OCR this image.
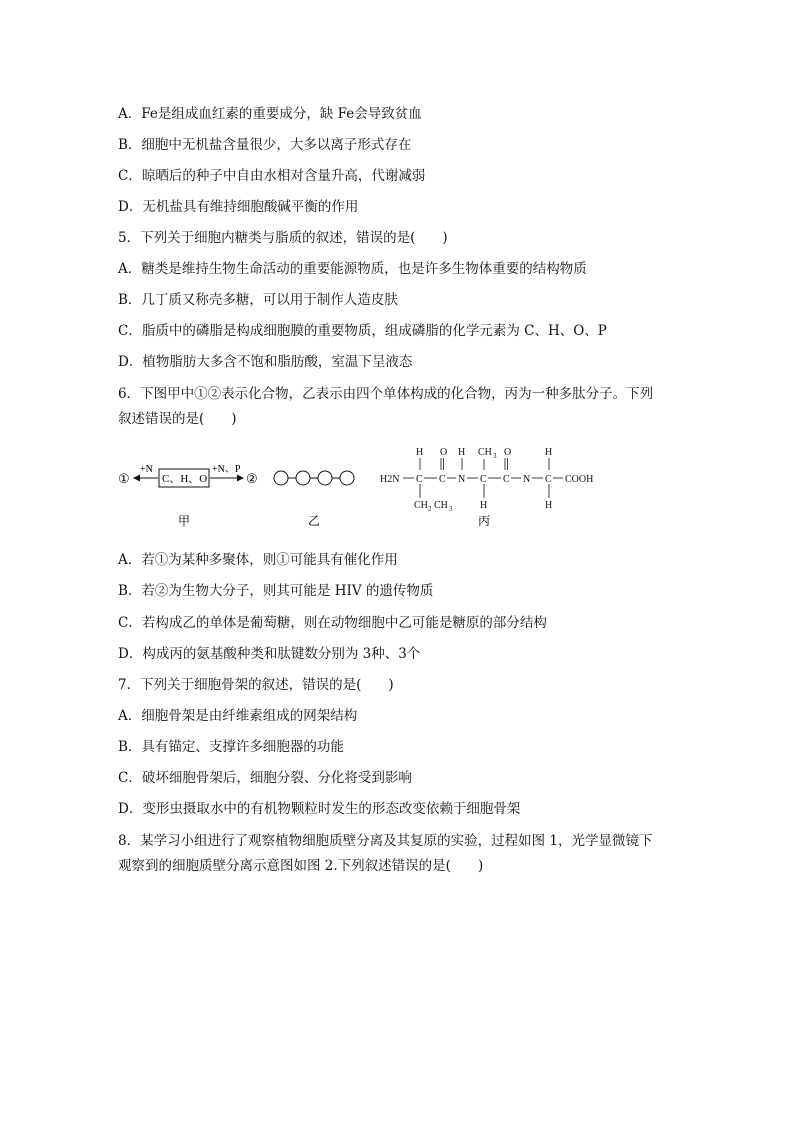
A．Fe是组成血红素的重要成分，缺 Fe会导致贫血
B．细胞中无机盐含量很少，大多以离子形式存在
C．晾晒后的种子中自由水相对含量升高，代谢减弱
D．无机盐具有维持细胞酸碱平衡的作用
5．下列关于细胞内糖类与脂质的叙述，错误的是(　　)
A．糖类是维持生物生命活动的重要能源物质，也是许多生物体重要的结构物质
B．几丁质又称壳多糖，可以用于制作人造皮肤
C．脂质中的磷脂是构成细胞膜的重要物质，组成磷脂的化学元素为 C、H、O、P
D．植物脂肪大多含不饱和脂肪酸，室温下呈液态
6．下图甲中①②表示化合物，乙表示由四个单体构成的化合物，丙为一种多肽分子。下列
叙述错误的是(　　)
①
+N
C、H、O
+N、P
②
甲	乙
H O H CH 3 O	H
H2N C C N C C N C COOH
CH 2 CH 3	H	H
丙
A．若①为某种多聚体，则①可能具有催化作用
B．若②为生物大分子，则其可能是 HIV 的遗传物质
C．若构成乙的单体是葡萄糖，则在动物细胞中乙可能是糖原的部分结构
D．构成丙的氨基酸种类和肽键数分别为 3种、3个
7．下列关于细胞骨架的叙述，错误的是(　　)
A．细胞骨架是由纤维素组成的网架结构
B．具有锚定、支撑许多细胞器的功能
C．破坏细胞骨架后，细胞分裂、分化将受到影响
D．变形虫摄取水中的有机物颗粒时发生的形态改变依赖于细胞骨架
8．某学习小组进行了观察植物细胞质壁分离及其复原的实验，过程如图 1，光学显微镜下
观察到的细胞质壁分离示意图如图 2.下列叙述错误的是(　　)
